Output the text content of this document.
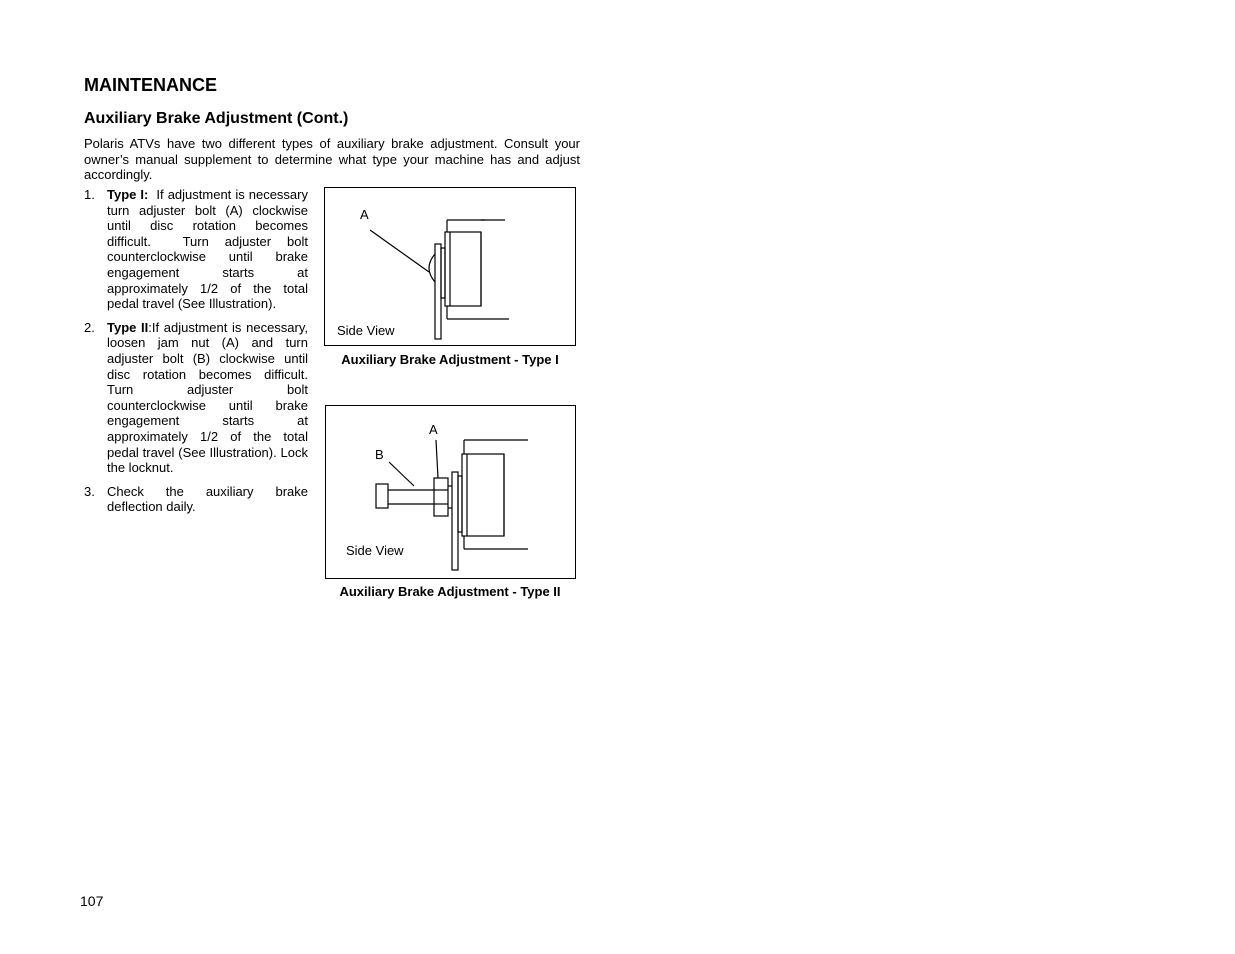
MAINTENANCE
Auxiliary Brake Adjustment (Cont.)

Polaris ATVs have two different types of auxiliary brake adjustment. Consult your owner’s manual supplement to determine what type your machine has and adjust accordingly.

1. Type I:  If adjustment is necessary turn adjuster bolt (A) clockwise until disc rotation becomes difficult.  Turn adjuster bolt counterclockwise until brake engagement starts at approximately 1/2 of the total pedal travel (See Illustration).
2. Type II:If adjustment is necessary, loosen jam nut (A) and turn adjuster bolt (B) clockwise until disc rotation becomes difficult. Turn adjuster bolt counterclockwise until brake engagement starts at approximately 1/2 of the total pedal travel (See Illustration). Lock the locknut.
3. Check the auxiliary brake deflection daily.
A
Side View
Auxiliary Brake Adjustment - Type I
A
B
Side View
Auxiliary Brake Adjustment - Type II
107
